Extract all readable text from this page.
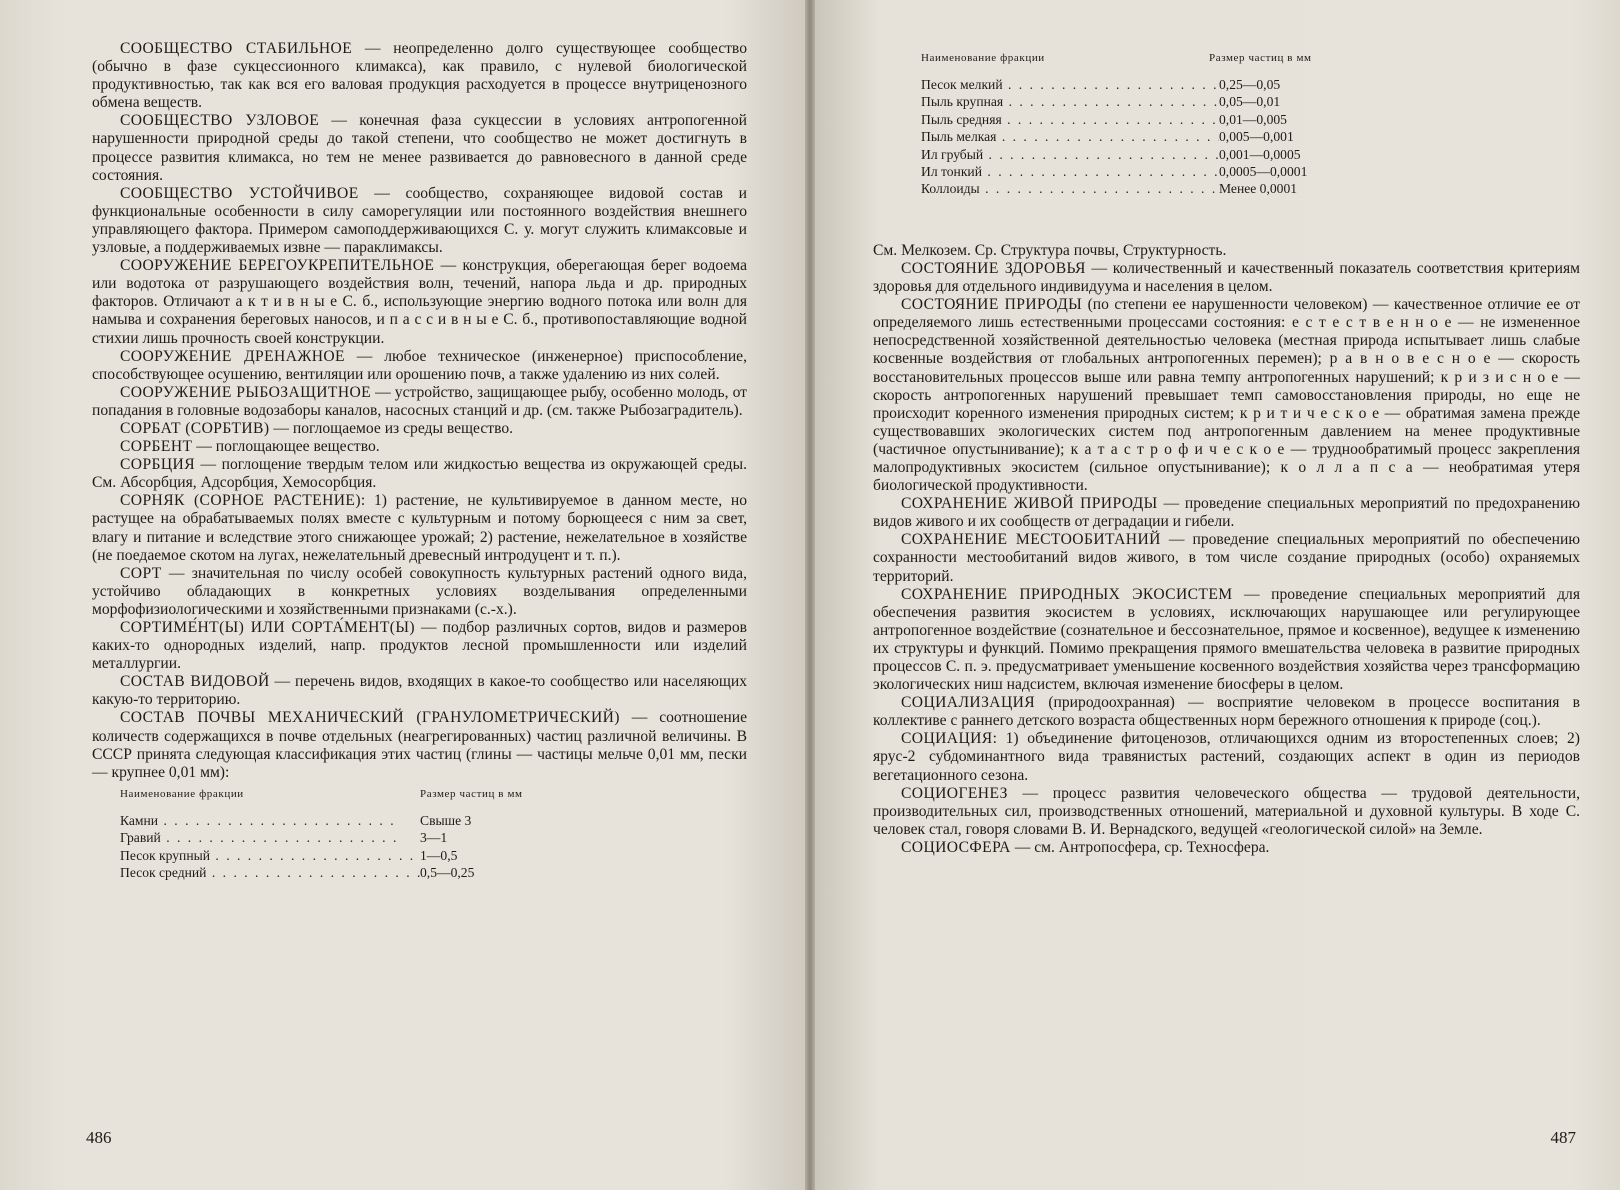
СООБЩЕСТВО СТАБИЛЬНОЕ — неопределенно долго существующее сообщество (обычно в фазе сукцессионного климакса), как правило, с нулевой биологической продуктивностью, так как вся его валовая продукция расходуется в процессе внутриценозного обмена веществ.

СООБЩЕСТВО УЗЛОВОЕ — конечная фаза сукцессии в условиях антропогенной нарушенности природной среды до такой степени, что сообщество не может достигнуть в процессе развития климакса, но тем не менее развивается до равновесного в данной среде состояния.

СООБЩЕСТВО УСТОЙЧИВОЕ — сообщество, сохраняющее видовой состав и функциональные особенности в силу саморегуляции или постоянного воздействия внешнего управляющего фактора. Примером самоподдерживающихся С. у. могут служить климаксовые и узловые, а поддерживаемых извне — параклимаксы.

СООРУЖЕНИЕ БЕРЕГОУКРЕПИТЕЛЬНОЕ — конструкция, оберегающая берег водоема или водотока от разрушающего воздействия волн, течений, напора льда и др. природных факторов. Отличают а к т и в н ы е С. б., использующие энергию водного потока или волн для намыва и сохранения береговых наносов, и п а с с и в н ы е С. б., противопоставляющие водной стихии лишь прочность своей конструкции.

СООРУЖЕНИЕ ДРЕНАЖНОЕ — любое техническое (инженерное) приспособление, способствующее осушению, вентиляции или орошению почв, а также удалению из них солей.

СООРУЖЕНИЕ РЫБОЗАЩИТНОЕ — устройство, защищающее рыбу, особенно молодь, от попадания в головные водозаборы каналов, насосных станций и др. (см. также Рыбозаградитель).

СОРБАТ (СОРБТИВ) — поглощаемое из среды вещество.

СОРБЕНТ — поглощающее вещество.

СОРБЦИЯ — поглощение твердым телом или жидкостью вещества из окружающей среды. См. Абсорбция, Адсорбция, Хемосорбция.

СОРНЯК (СОРНОЕ РАСТЕНИЕ): 1) растение, не культивируемое в данном месте, но растущее на обрабатываемых полях вместе с культурным и потому борющееся с ним за свет, влагу и питание и вследствие этого снижающее урожай; 2) растение, нежелательное в хозяйстве (не поедаемое скотом на лугах, нежелательный древесный интродуцент и т. п.).

СОРТ — значительная по числу особей совокупность культурных растений одного вида, устойчиво обладающих в конкретных условиях возделывания определенными морфофизиологическими и хозяйственными признаками (с.-х.).

СОРТИМЕ́НТ(Ы) ИЛИ СОРТА́МЕНТ(Ы) — подбор различных сортов, видов и размеров каких-то однородных изделий, напр. продуктов лесной промышленности или изделий металлургии.

СОСТАВ ВИДОВОЙ — перечень видов, входящих в какое-то сообщество или населяющих какую-то территорию.

СОСТАВ ПОЧВЫ МЕХАНИЧЕСКИЙ (ГРАНУЛОМЕТРИЧЕСКИЙ) — соотношение количеств содержащихся в почве отдельных (неагрегированных) частиц различной величины. В СССР принята следующая классификация этих частиц (глины — частицы мельче 0,01 мм, пески — крупнее 0,01 мм):

Наименование фракции	Размер частиц в мм
Камни . . .	Свыше 3
Гравий . . .	3—1
Песок крупный . . .	1—0,5
Песок средний . . .	0,5—0,25
486
Наименование фракции	Размер частиц в мм
Песок мелкий . . .	0,25—0,05
Пыль крупная . . .	0,05—0,01
Пыль средняя . . .	0,01—0,005
Пыль мелкая . . .	0,005—0,001
Ил грубый . . .	0,001—0,0005
Ил тонкий . . .	0,0005—0,0001
Коллоиды . . .	Менее 0,0001

См. Мелкозем. Ср. Структура почвы, Структурность.

СОСТОЯНИЕ ЗДОРОВЬЯ — количественный и качественный показатель соответствия критериям здоровья для отдельного индивидуума и населения в целом.

СОСТОЯНИЕ ПРИРОДЫ (по степени ее нарушенности человеком) — качественное отличие ее от определяемого лишь естественными процессами состояния: е с т е с т в е н н о е — не измененное непосредственной хозяйственной деятельностью человека (местная природа испытывает лишь слабые косвенные воздействия от глобальных антропогенных перемен); р а в н о в е с н о е — скорость восстановительных процессов выше или равна темпу антропогенных нарушений; к р и з и с н о е — скорость антропогенных нарушений превышает темп самовосстановления природы, но еще не происходит коренного изменения природных систем; к р и т и ч е с к о е — обратимая замена прежде существовавших экологических систем под антропогенным давлением на менее продуктивные (частичное опустынивание); к а т а с т р о ф и ч е с к о е — труднообратимый процесс закрепления малопродуктивных экосистем (сильное опустынивание); к о л л а п с а — необратимая утеря биологической продуктивности.

СОХРАНЕНИЕ ЖИВОЙ ПРИРОДЫ — проведение специальных мероприятий по предохранению видов живого и их сообществ от деградации и гибели.

СОХРАНЕНИЕ МЕСТООБИТАНИЙ — проведение специальных мероприятий по обеспечению сохранности местообитаний видов живого, в том числе создание природных (особо) охраняемых территорий.

СОХРАНЕНИЕ ПРИРОДНЫХ ЭКОСИСТЕМ — проведение специальных мероприятий для обеспечения развития экосистем в условиях, исключающих нарушающее или регулирующее антропогенное воздействие (сознательное и бессознательное, прямое и косвенное), ведущее к изменению их структуры и функций. Помимо прекращения прямого вмешательства человека в развитие природных процессов С. п. э. предусматривает уменьшение косвенного воздействия хозяйства через трансформацию экологических ниш надсистем, включая изменение биосферы в целом.

СОЦИАЛИЗАЦИЯ (природоохранная) — восприятие человеком в процессе воспитания в коллективе с раннего детского возраста общественных норм бережного отношения к природе (соц.).

СОЦИАЦИЯ: 1) объединение фитоценозов, отличающихся одним из второстепенных слоев; 2) ярус-2 субдоминантного вида травянистых растений, создающих аспект в один из периодов вегетационного сезона.

СОЦИОГЕНЕЗ — процесс развития человеческого общества — трудовой деятельности, производительных сил, производственных отношений, материальной и духовной культуры. В ходе С. человек стал, говоря словами В. И. Вернадского, ведущей «геологической силой» на Земле.

СОЦИОСФЕРА — см. Антропосфера, ср. Техносфера.

487
